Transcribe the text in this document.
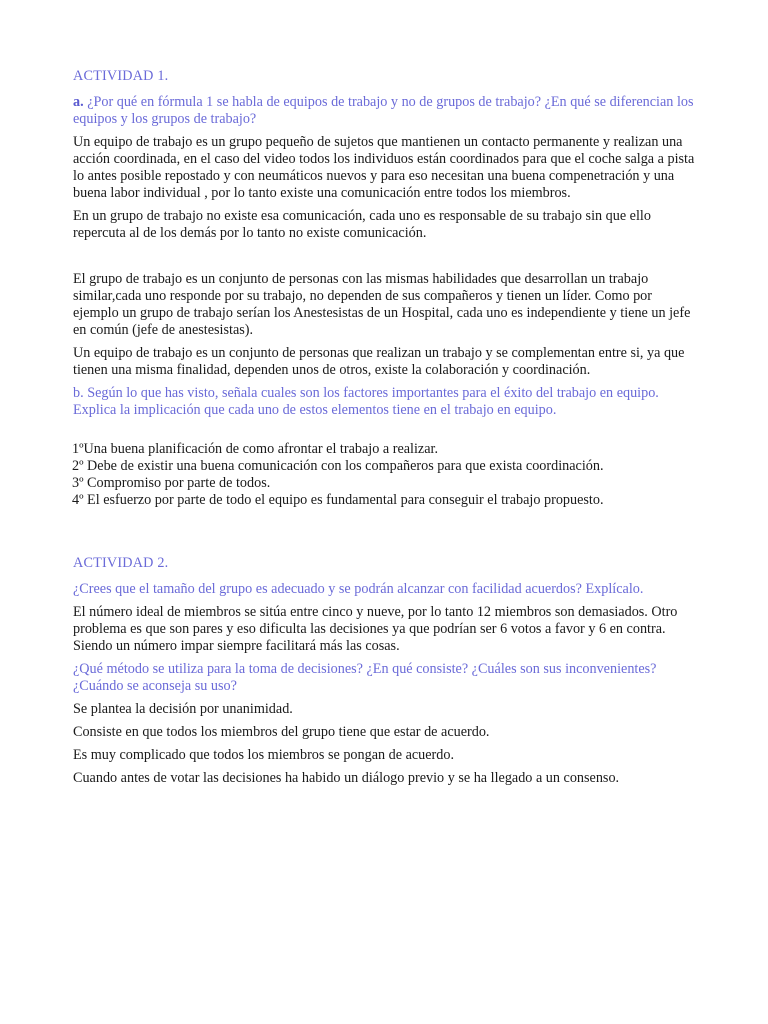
ACTIVIDAD 1.
a. ¿Por qué en fórmula 1 se habla de equipos de trabajo y no de grupos de trabajo? ¿En qué se diferencian los equipos y los grupos de trabajo?
Un equipo de trabajo es un grupo pequeño de sujetos que mantienen un contacto permanente y realizan una acción coordinada, en el caso del video todos los individuos están coordinados para que el coche salga a pista lo antes posible repostado y con neumáticos nuevos y para eso necesitan una buena compenetración y una buena labor individual , por lo tanto existe una comunicación entre todos los miembros.
En un grupo de trabajo no existe esa comunicación, cada uno es responsable de su trabajo sin que ello repercuta al de los demás por lo tanto no existe comunicación.
El grupo de trabajo es un conjunto de personas con las mismas habilidades que desarrollan un trabajo similar,cada uno responde por su trabajo, no dependen de sus compañeros y tienen un líder. Como por ejemplo un grupo de trabajo serían los Anestesistas de un Hospital, cada uno es independiente y tiene un jefe en común (jefe de anestesistas).
Un equipo de trabajo es un conjunto de personas que realizan un trabajo y se complementan entre si, ya que tienen una misma finalidad, dependen unos de otros, existe la colaboración y coordinación.
b. Según lo que has visto, señala cuales son los factores importantes para el éxito del trabajo en equipo. Explica la implicación que cada uno de estos elementos tiene en el trabajo en equipo.
1ºUna buena planificación de como afrontar el trabajo a realizar.
2º Debe de existir una buena comunicación con los compañeros para que exista coordinación.
3º Compromiso por parte de todos.
4º El esfuerzo por parte de todo el equipo es fundamental para conseguir el trabajo propuesto.
ACTIVIDAD 2.
¿Crees que el tamaño del grupo es adecuado y se podrán alcanzar con facilidad acuerdos? Explícalo.
El número ideal de miembros se sitúa entre cinco y nueve, por lo tanto 12 miembros son demasiados. Otro problema es que son pares y eso dificulta las decisiones ya que podrían ser 6 votos a favor y 6 en contra. Siendo un número impar siempre facilitará más las cosas.
¿Qué método se utiliza para la toma de decisiones? ¿En qué consiste? ¿Cuáles son sus inconvenientes? ¿Cuándo se aconseja su uso?
Se plantea la decisión por unanimidad.
Consiste en que todos los miembros del grupo tiene que estar de acuerdo.
Es muy complicado que todos los miembros se pongan de acuerdo.
Cuando antes de votar las decisiones ha habido un diálogo previo y se ha llegado a un consenso.
